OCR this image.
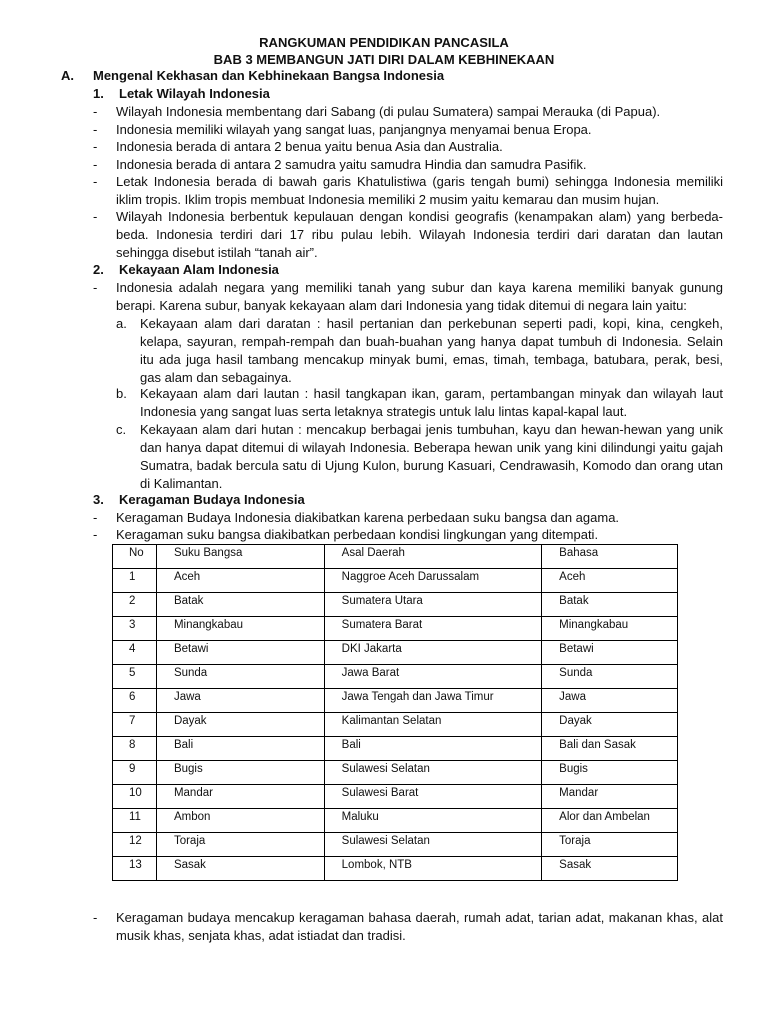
RANGKUMAN PENDIDIKAN PANCASILA
BAB 3 MEMBANGUN JATI DIRI DALAM KEBHINEKAAN
A. Mengenal Kekhasan dan Kebhinekaan Bangsa Indonesia
1. Letak Wilayah Indonesia
- Wilayah Indonesia membentang dari Sabang (di pulau Sumatera) sampai Merauka (di Papua).
- Indonesia memiliki wilayah yang sangat luas, panjangnya menyamai benua Eropa.
- Indonesia berada di antara 2 benua yaitu benua Asia dan Australia.
- Indonesia berada di antara 2 samudra yaitu samudra Hindia dan samudra Pasifik.
- Letak Indonesia berada di bawah garis Khatulistiwa (garis tengah bumi) sehingga Indonesia memiliki iklim tropis. Iklim tropis membuat Indonesia memiliki 2 musim yaitu kemarau dan musim hujan.
- Wilayah Indonesia berbentuk kepulauan dengan kondisi geografis (kenampakan alam) yang berbeda-beda. Indonesia terdiri dari 17 ribu pulau lebih. Wilayah Indonesia terdiri dari daratan dan lautan sehingga disebut istilah “tanah air”.
2. Kekayaan Alam Indonesia
- Indonesia adalah negara yang memiliki tanah yang subur dan kaya karena memiliki banyak gunung berapi. Karena subur, banyak kekayaan alam dari Indonesia yang tidak ditemui di negara lain yaitu:
a. Kekayaan alam dari daratan : hasil pertanian dan perkebunan seperti padi, kopi, kina, cengkeh, kelapa, sayuran, rempah-rempah dan buah-buahan yang hanya dapat tumbuh di Indonesia. Selain itu ada juga hasil tambang mencakup minyak bumi, emas, timah, tembaga, batubara, perak, besi, gas alam dan sebagainya.
b. Kekayaan alam dari lautan : hasil tangkapan ikan, garam, pertambangan minyak dan wilayah laut Indonesia yang sangat luas serta letaknya strategis untuk lalu lintas kapal-kapal laut.
c. Kekayaan alam dari hutan : mencakup berbagai jenis tumbuhan, kayu dan hewan-hewan yang unik dan hanya dapat ditemui di wilayah Indonesia. Beberapa hewan unik yang kini dilindungi yaitu gajah Sumatra, badak bercula satu di Ujung Kulon, burung Kasuari, Cendrawasih, Komodo dan orang utan di Kalimantan.
3. Keragaman Budaya Indonesia
- Keragaman Budaya Indonesia diakibatkan karena perbedaan suku bangsa dan agama.
- Keragaman suku bangsa diakibatkan perbedaan kondisi lingkungan yang ditempati.
No	Suku Bangsa	Asal Daerah	Bahasa
1	Aceh	Naggroe Aceh Darussalam	Aceh
2	Batak	Sumatera Utara	Batak
3	Minangkabau	Sumatera Barat	Minangkabau
4	Betawi	DKI Jakarta	Betawi
5	Sunda	Jawa Barat	Sunda
6	Jawa	Jawa Tengah dan Jawa Timur	Jawa
7	Dayak	Kalimantan Selatan	Dayak
8	Bali	Bali	Bali dan Sasak
9	Bugis	Sulawesi Selatan	Bugis
10	Mandar	Sulawesi Barat	Mandar
11	Ambon	Maluku	Alor dan Ambelan
12	Toraja	Sulawesi Selatan	Toraja
13	Sasak	Lombok, NTB	Sasak
- Keragaman budaya mencakup keragaman bahasa daerah, rumah adat, tarian adat, makanan khas, alat musik khas, senjata khas, adat istiadat dan tradisi.
